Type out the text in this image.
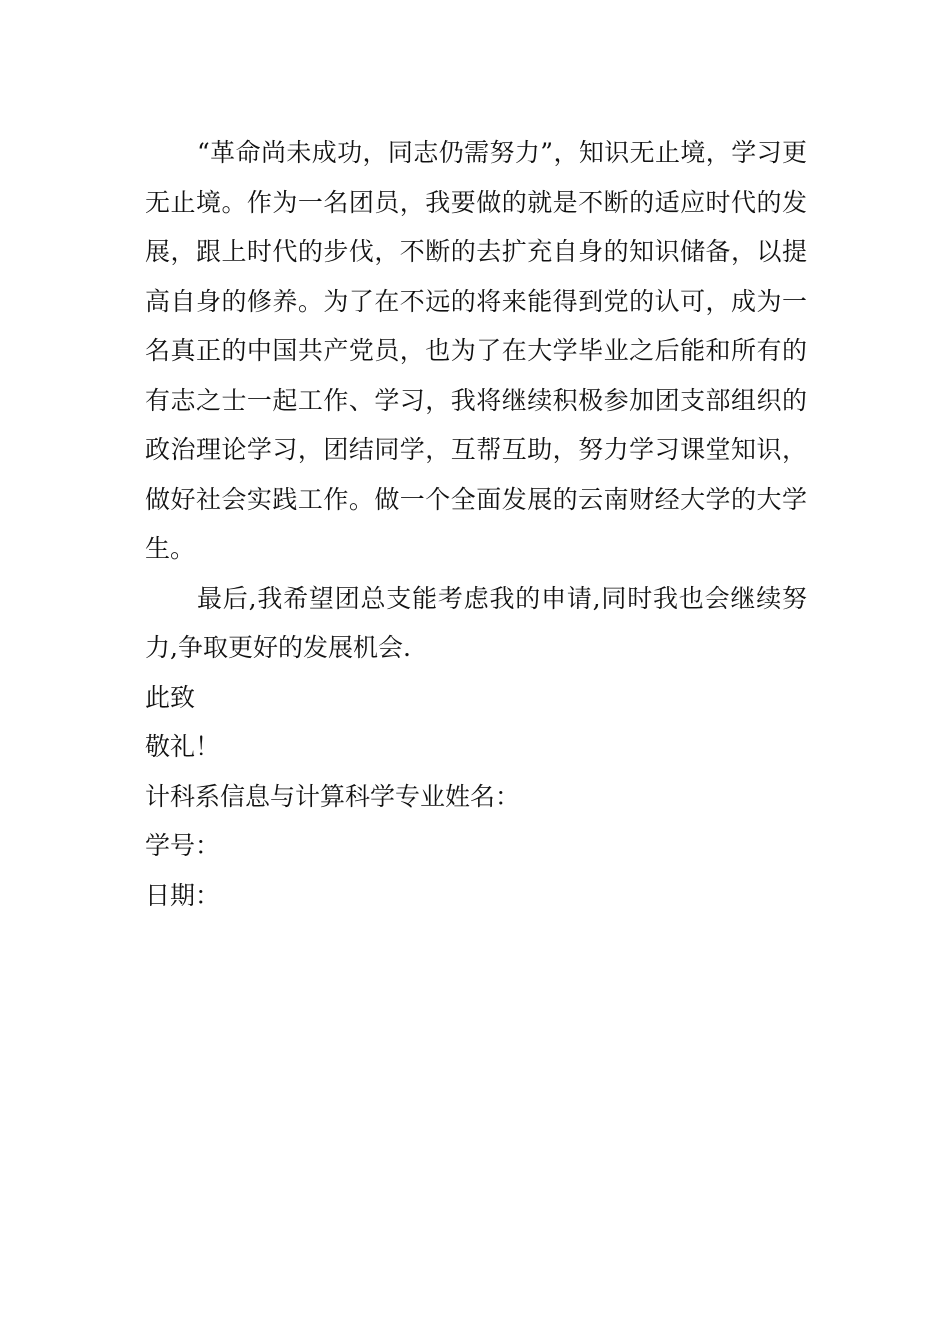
“革命尚未成功，同志仍需努力”，知识无止境，学习更无止境。作为一名团员，我要做的就是不断的适应时代的发展，跟上时代的步伐，不断的去扩充自身的知识储备，以提高自身的修养。为了在不远的将来能得到党的认可，成为一名真正的中国共产党员，也为了在大学毕业之后能和所有的有志之士一起工作、学习，我将继续积极参加团支部组织的政治理论学习，团结同学，互帮互助，努力学习课堂知识，做好社会实践工作。做一个全面发展的云南财经大学的大学生。

最后,我希望团总支能考虑我的申请,同时我也会继续努力,争取更好的发展机会.

此致

敬礼！

计科系信息与计算科学专业姓名：

学号：

日期：
